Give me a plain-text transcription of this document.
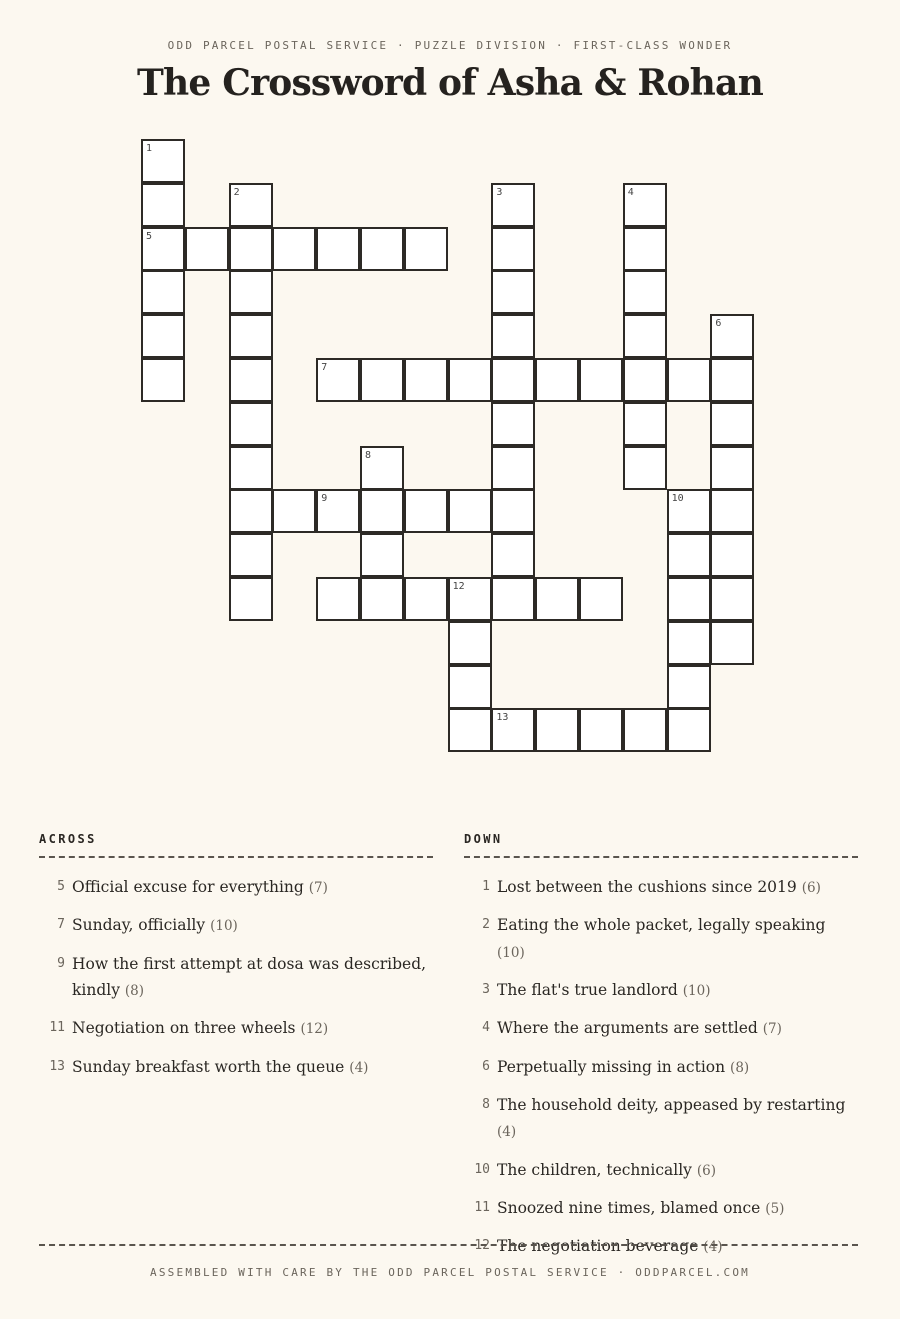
ODD PARCEL POSTAL SERVICE · PUZZLE DIVISION · FIRST-CLASS WONDER
The Crossword of Asha & Rohan
1
5
2
7
9
8
12
3
13
4
10
6
ACROSS
5 Official excuse for everything (7)
7 Sunday, officially (10)
9 How the first attempt at dosa was described, kindly (8)
11 Negotiation on three wheels (12)
13 Sunday breakfast worth the queue (4)
DOWN
1 Lost between the cushions since 2019 (6)
2 Eating the whole packet, legally speaking (10)
3 The flat's true landlord (10)
4 Where the arguments are settled (7)
6 Perpetually missing in action (8)
8 The household deity, appeased by restarting (4)
10 The children, technically (6)
11 Snoozed nine times, blamed once (5)
12 The negotiation beverage (4)
ASSEMBLED WITH CARE BY THE ODD PARCEL POSTAL SERVICE · ODDPARCEL.COM
